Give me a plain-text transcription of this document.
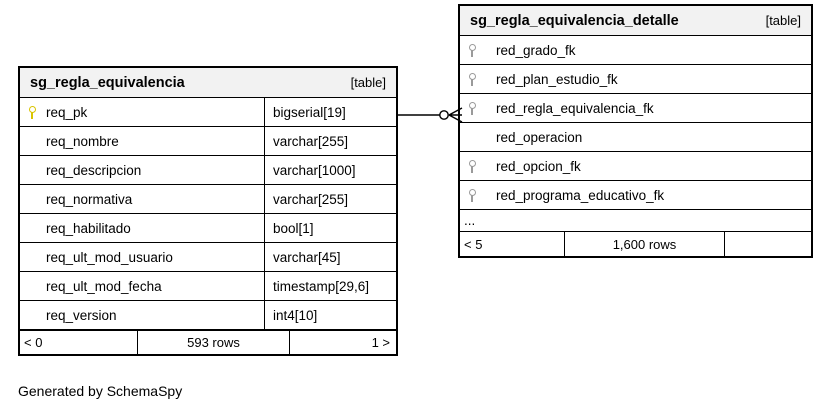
sg_regla_equivalencia	[table]
req_pk	bigserial[19]
req_nombre	varchar[255]
req_descripcion	varchar[1000]
req_normativa	varchar[255]
req_habilitado	bool[1]
req_ult_mod_usuario	varchar[45]
req_ult_mod_fecha	timestamp[29,6]
req_version	int4[10]
< 0	593 rows	1 >
sg_regla_equivalencia_detalle	[table]
red_grado_fk
red_plan_estudio_fk
red_regla_equivalencia_fk
red_operacion
red_opcion_fk
red_programa_educativo_fk
...
< 5	1,600 rows
Generated by SchemaSpy
